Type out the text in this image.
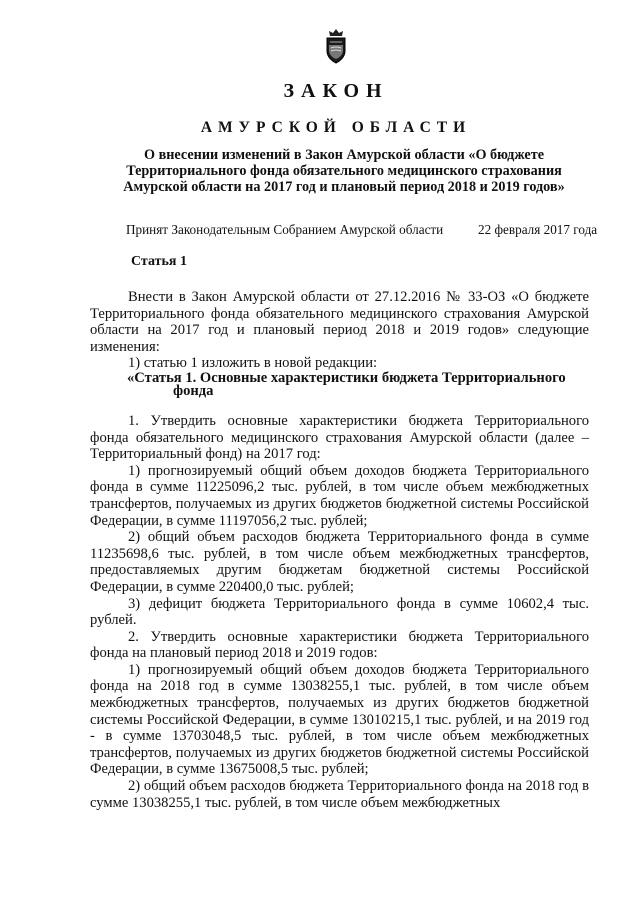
ЗАКОН
АМУРСКОЙ ОБЛАСТИ
О внесении изменений в Закон Амурской области «О бюджете Территориального фонда обязательного медицинского страхования Амурской области на 2017 год и плановый период 2018 и 2019 годов»
Принят Законодательным Собранием Амурской области	22 февраля 2017 года
Статья 1

Внести в Закон Амурской области от 27.12.2016 № 33-ОЗ «О бюджете Территориального фонда обязательного медицинского страхования Амурской области на 2017 год и плановый период 2018 и 2019 годов» следующие изменения:

1) статью 1 изложить в новой редакции:

«Статья 1. Основные характеристики бюджета Территориального
фонда

1. Утвердить основные характеристики бюджета Территориального фонда обязательного медицинского страхования Амурской области (далее – Территориальный фонд) на 2017 год:

1) прогнозируемый общий объем доходов бюджета Территориального фонда в сумме 11225096,2 тыс. рублей, в том числе объем межбюджетных трансфертов, получаемых из других бюджетов бюджетной системы Российской Федерации, в сумме 11197056,2 тыс. рублей;

2) общий объем расходов бюджета Территориального фонда в сумме 11235698,6 тыс. рублей, в том числе объем межбюджетных трансфертов, предоставляемых другим бюджетам бюджетной системы Российской Федерации, в сумме 220400,0 тыс. рублей;

3) дефицит бюджета Территориального фонда в сумме 10602,4 тыс. рублей.

2. Утвердить основные характеристики бюджета Территориального фонда на плановый период 2018 и 2019 годов:

1) прогнозируемый общий объем доходов бюджета Территориального фонда на 2018 год в сумме 13038255,1 тыс. рублей, в том числе объем межбюджетных трансфертов, получаемых из других бюджетов бюджетной системы Российской Федерации, в сумме 13010215,1 тыс. рублей, и на 2019 год - в сумме 13703048,5 тыс. рублей, в том числе объем межбюджетных трансфертов, получаемых из других бюджетов бюджетной системы Российской Федерации, в сумме 13675008,5 тыс. рублей;

2) общий объем расходов бюджета Территориального фонда на 2018 год в сумме 13038255,1 тыс. рублей, в том числе объем межбюджетных
